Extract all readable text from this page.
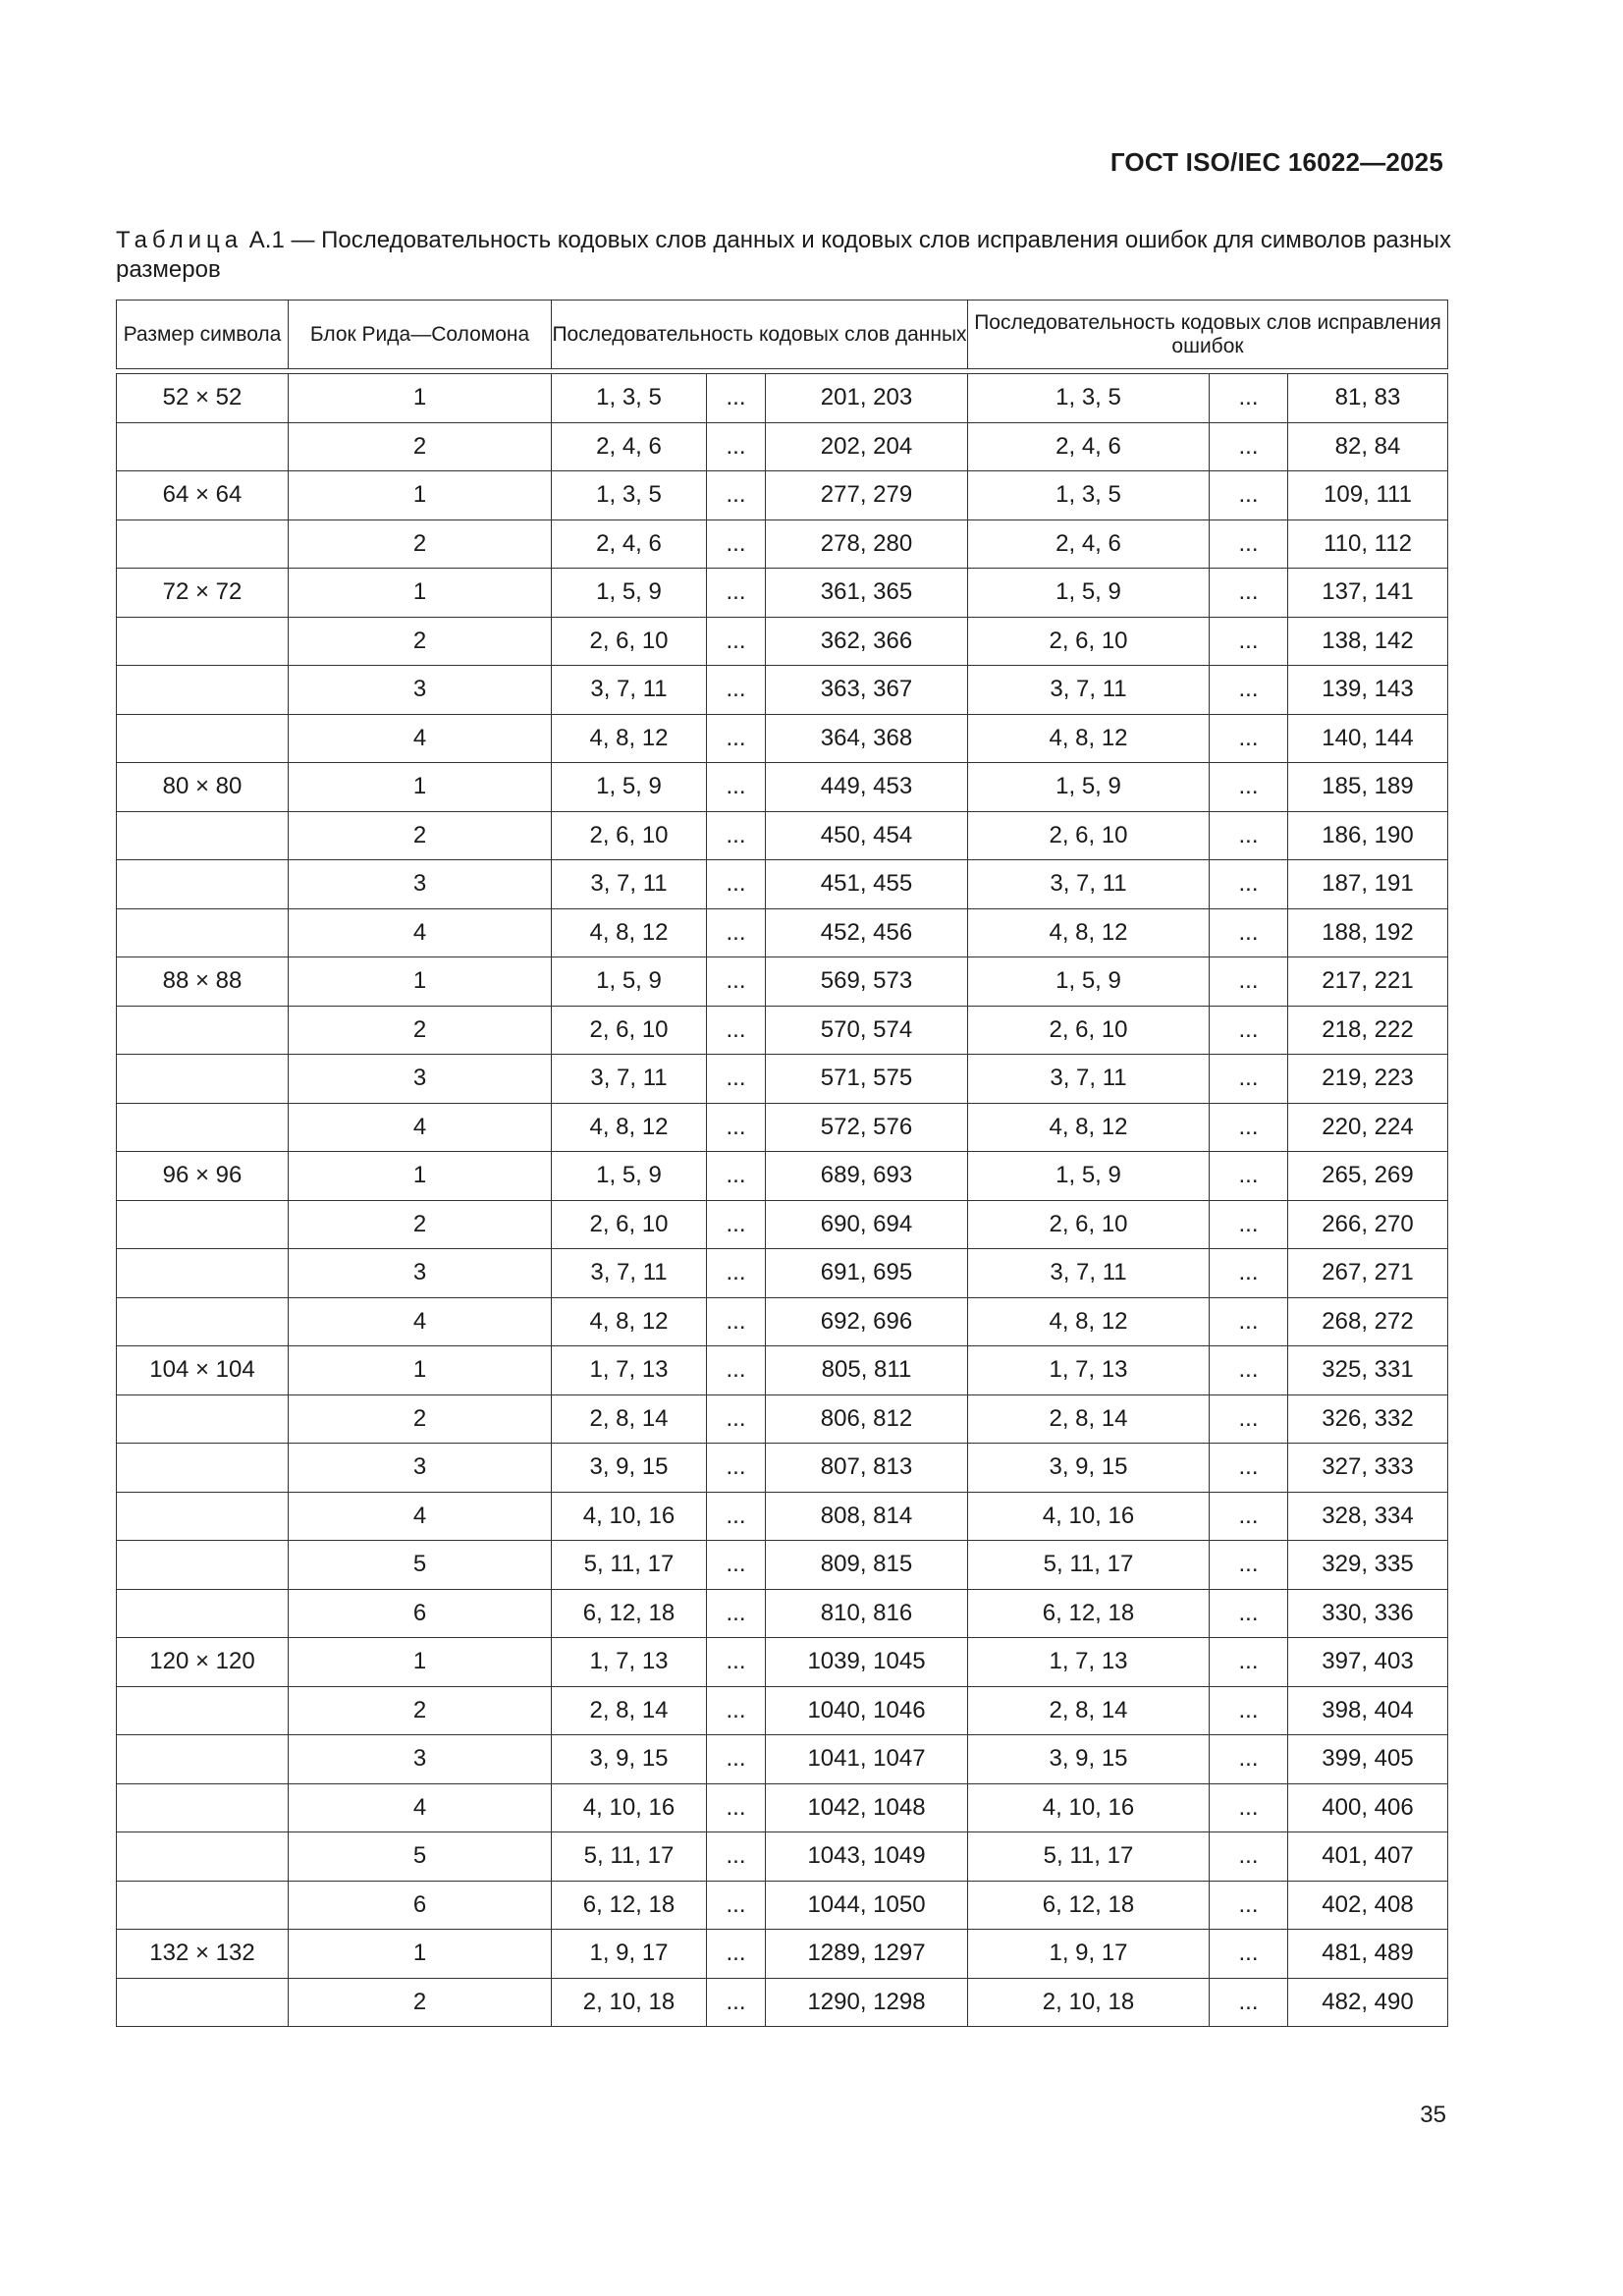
ГОСТ ISO/IEC 16022—2025
Таблица А.1 — Последовательность кодовых слов данных и кодовых слов исправления ошибок для символов разных размеров
Размер символа	Блок Рида—Соломона	Последовательность кодовых слов данных			Последовательность кодовых слов исправления ошибок		

52 × 52	1	1, 3, 5	...	201, 203	1, 3, 5	...	81, 83
	2	2, 4, 6	...	202, 204	2, 4, 6	...	82, 84
64 × 64	1	1, 3, 5	...	277, 279	1, 3, 5	...	109, 111
	2	2, 4, 6	...	278, 280	2, 4, 6	...	110, 112
72 × 72	1	1, 5, 9	...	361, 365	1, 5, 9	...	137, 141
	2	2, 6, 10	...	362, 366	2, 6, 10	...	138, 142
	3	3, 7, 11	...	363, 367	3, 7, 11	...	139, 143
	4	4, 8, 12	...	364, 368	4, 8, 12	...	140, 144
80 × 80	1	1, 5, 9	...	449, 453	1, 5, 9	...	185, 189
	2	2, 6, 10	...	450, 454	2, 6, 10	...	186, 190
	3	3, 7, 11	...	451, 455	3, 7, 11	...	187, 191
	4	4, 8, 12	...	452, 456	4, 8, 12	...	188, 192
88 × 88	1	1, 5, 9	...	569, 573	1, 5, 9	...	217, 221
	2	2, 6, 10	...	570, 574	2, 6, 10	...	218, 222
	3	3, 7, 11	...	571, 575	3, 7, 11	...	219, 223
	4	4, 8, 12	...	572, 576	4, 8, 12	...	220, 224
96 × 96	1	1, 5, 9	...	689, 693	1, 5, 9	...	265, 269
	2	2, 6, 10	...	690, 694	2, 6, 10	...	266, 270
	3	3, 7, 11	...	691, 695	3, 7, 11	...	267, 271
	4	4, 8, 12	...	692, 696	4, 8, 12	...	268, 272
104 × 104	1	1, 7, 13	...	805, 811	1, 7, 13	...	325, 331
	2	2, 8, 14	...	806, 812	2, 8, 14	...	326, 332
	3	3, 9, 15	...	807, 813	3, 9, 15	...	327, 333
	4	4, 10, 16	...	808, 814	4, 10, 16	...	328, 334
	5	5, 11, 17	...	809, 815	5, 11, 17	...	329, 335
	6	6, 12, 18	...	810, 816	6, 12, 18	...	330, 336
120 × 120	1	1, 7, 13	...	1039, 1045	1, 7, 13	...	397, 403
	2	2, 8, 14	...	1040, 1046	2, 8, 14	...	398, 404
	3	3, 9, 15	...	1041, 1047	3, 9, 15	...	399, 405
	4	4, 10, 16	...	1042, 1048	4, 10, 16	...	400, 406
	5	5, 11, 17	...	1043, 1049	5, 11, 17	...	401, 407
	6	6, 12, 18	...	1044, 1050	6, 12, 18	...	402, 408
132 × 132	1	1, 9, 17	...	1289, 1297	1, 9, 17	...	481, 489
	2	2, 10, 18	...	1290, 1298	2, 10, 18	...	482, 490
35
